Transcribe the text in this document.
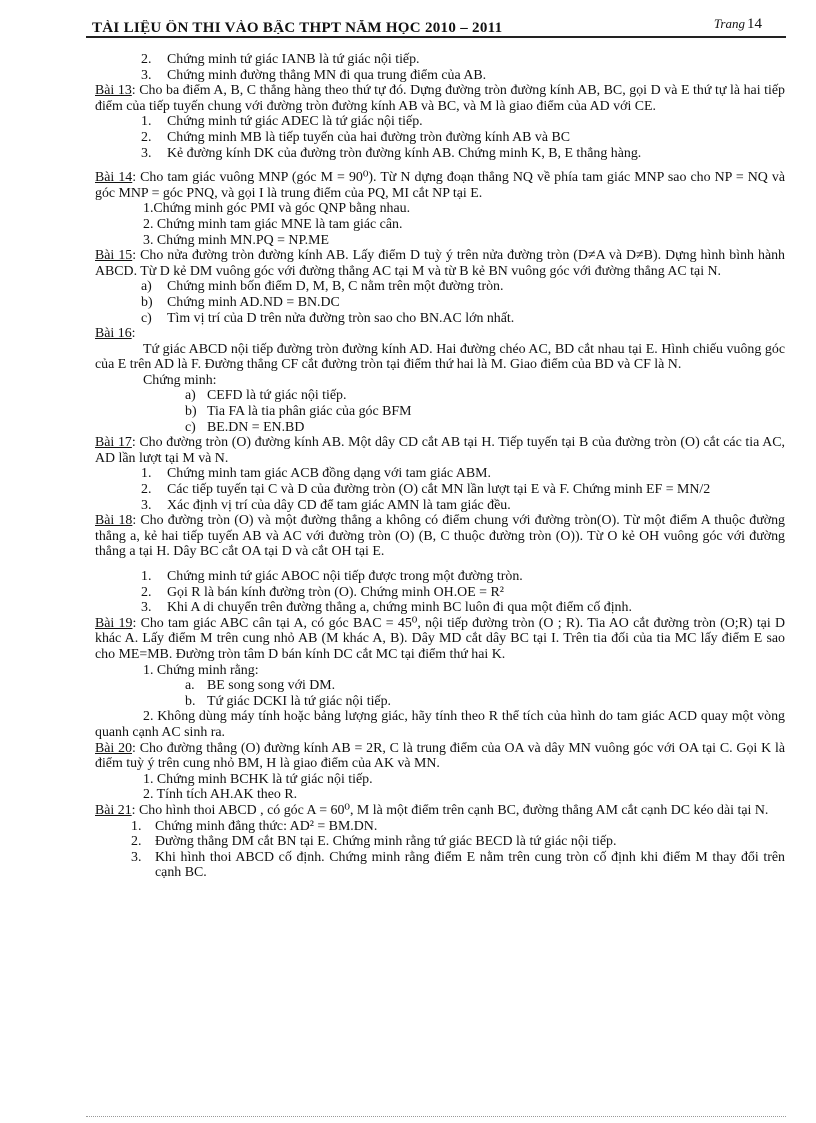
TÀI LIỆU ÔN THI VÀO BẬC THPT NĂM HỌC 2010 – 2011	Trang 14

2. Chứng minh tứ giác IANB là tứ giác nội tiếp.

3. Chứng minh đường thẳng MN đi qua trung điểm của AB.

Bài 13: Cho ba điểm A, B, C thẳng hàng theo thứ tự đó. Dựng đường tròn đường kính AB, BC, gọi D và E thứ tự là hai tiếp điểm của tiếp tuyến chung với đường tròn đường kính AB và BC, và M là giao điểm của AD với CE.

1. Chứng minh tứ giác ADEC là tứ giác nội tiếp.

2. Chứng minh MB là tiếp tuyến của hai đường tròn đường kính AB và BC

3. Kẻ đường kính DK của đường tròn đường kính AB. Chứng minh K, B, E thẳng hàng.

Bài 14: Cho tam giác vuông MNP (góc M = 90⁰). Từ N dựng đoạn thẳng NQ về phía tam giác MNP sao cho NP = NQ và góc MNP = góc PNQ, và gọi I là trung điểm của PQ, MI cắt NP tại E.

1.Chứng minh góc PMI và góc QNP bằng nhau.

2. Chứng minh tam giác MNE là tam giác cân.

3. Chứng minh MN.PQ = NP.ME

Bài 15: Cho nửa đường tròn đường kính AB. Lấy điểm D tuỳ ý trên nửa đường tròn (D≠A và D≠B). Dựng hình bình hành ABCD. Từ D kẻ DM vuông góc với đường thẳng AC tại M và từ B kẻ BN vuông góc với đường thẳng AC tại N.

a) Chứng minh bốn điểm D, M, B, C nằm trên một đường tròn.

b) Chứng minh AD.ND = BN.DC

c) Tìm vị trí của D trên nửa đường tròn sao cho BN.AC lớn nhất.

Bài 16:

Tứ giác ABCD nội tiếp đường tròn đường kính AD. Hai đường chéo AC, BD cắt nhau tại E. Hình chiếu vuông góc của E trên AD là F. Đường thẳng CF cắt đường tròn tại điểm thứ hai là M. Giao điểm của BD và CF là N.

Chứng minh:

a) CEFD là tứ giác nội tiếp.

b) Tia FA là tia phân giác của góc BFM

c) BE.DN = EN.BD

Bài 17: Cho đường tròn (O) đường kính AB. Một dây CD cắt AB tại H. Tiếp tuyến tại B của đường tròn (O) cắt các tia AC, AD lần lượt tại M và N.

1. Chứng minh tam giác ACB đồng dạng với tam giác ABM.

2. Các tiếp tuyến tại C và D của đường tròn (O) cắt MN lần lượt tại E và F. Chứng minh EF = MN/2

3. Xác định vị trí của dây CD để tam giác AMN là tam giác đều.

Bài 18: Cho đường tròn (O) và một đường thẳng a không có điểm chung với đường tròn(O). Từ một điểm A thuộc đường thẳng a, kẻ hai tiếp tuyến AB và AC với đường tròn (O) (B, C thuộc đường tròn (O)). Từ O kẻ OH vuông góc với đường thẳng a tại H. Dây BC cắt OA tại D và cắt OH tại E.

1. Chứng minh tứ giác ABOC nội tiếp được trong một đường tròn.

2. Gọi R là bán kính đường tròn (O). Chứng minh OH.OE = R²

3. Khi A di chuyển trên đường thẳng a, chứng minh BC luôn đi qua một điểm cố định.

Bài 19: Cho tam giác ABC cân tại A, có góc BAC = 45⁰, nội tiếp đường tròn (O ; R). Tia AO cắt đường tròn (O;R) tại D khác A. Lấy điểm M trên cung nhỏ AB (M khác A, B). Dây MD cắt dây BC tại I. Trên tia đối của tia MC lấy điểm E sao cho ME=MB. Đường tròn tâm D bán kính DC cắt MC tại điểm thứ hai K.

1. Chứng minh rằng:

a. BE song song với DM.

b. Tứ giác DCKI là tứ giác nội tiếp.

2. Không dùng máy tính hoặc bảng lượng giác, hãy tính theo R thể tích của hình do tam giác ACD quay một vòng quanh cạnh AC sinh ra.

Bài 20: Cho đường thẳng (O) đường kính AB = 2R, C là trung điểm của OA và dây MN vuông góc với OA tại C. Gọi K là điểm tuỳ ý trên cung nhỏ BM, H là giao điểm của AK và MN.

1. Chứng minh BCHK là tứ giác nội tiếp.

2. Tính tích AH.AK theo R.

Bài 21: Cho hình thoi ABCD , có góc A = 60⁰, M là một điểm trên cạnh BC, đường thẳng AM cắt cạnh DC kéo dài tại N.

1. Chứng minh đẳng thức: AD² = BM.DN.

2. Đường thẳng DM cắt BN tại E. Chứng minh rằng tứ giác BECD là tứ giác nội tiếp.

3. Khi hình thoi ABCD cố định. Chứng minh rằng điểm E nằm trên cung tròn cố định khi điểm M thay đổi trên cạnh BC.
